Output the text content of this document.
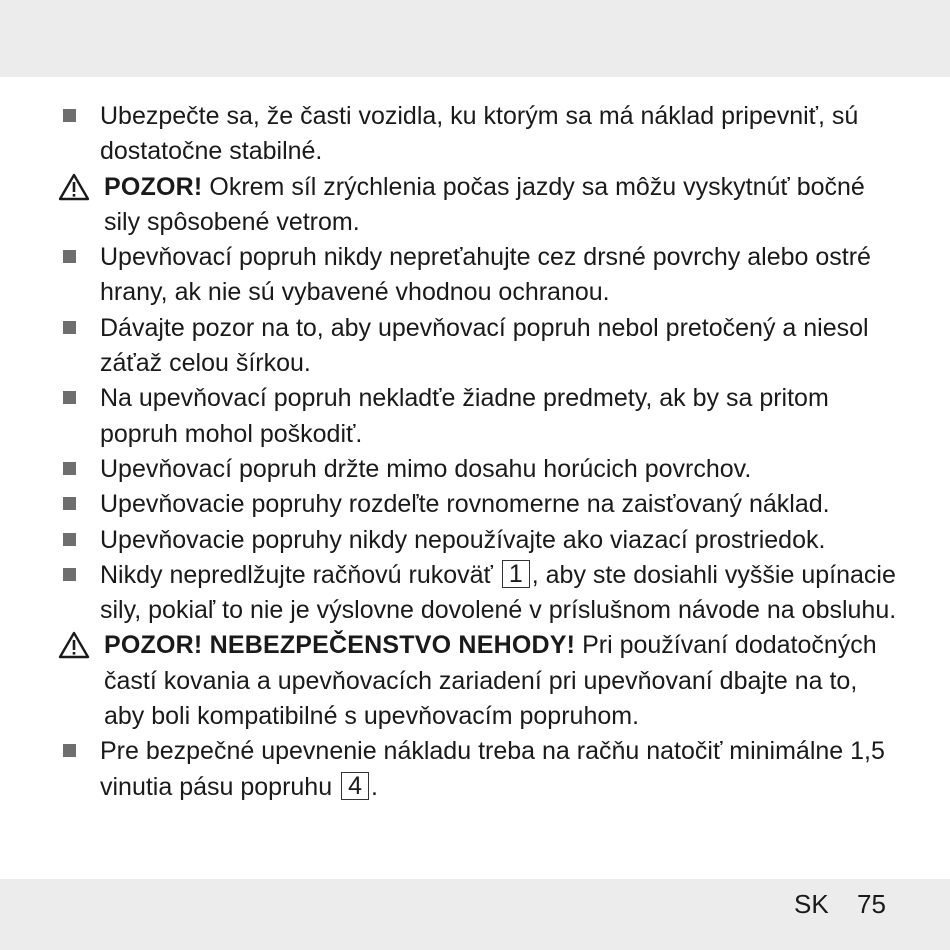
Ubezpečte sa, že časti vozidla, ku ktorým sa má náklad pripevniť, sú dostatočne stabilné.
POZOR! Okrem síl zrýchlenia počas jazdy sa môžu vyskytnúť bočné sily spôsobené vetrom.
Upevňovací popruh nikdy nepreťahujte cez drsné povrchy alebo ostré hrany, ak nie sú vybavené vhodnou ochranou.
Dávajte pozor na to, aby upevňovací popruh nebol pretočený a niesol záťaž celou šírkou.
Na upevňovací popruh nekladťe žiadne predmety, ak by sa pritom popruh mohol poškodiť.
Upevňovací popruh držte mimo dosahu horúcich povrchov.
Upevňovacie popruhy rozdeľte rovnomerne na zaisťovaný náklad.
Upevňovacie popruhy nikdy nepoužívajte ako viazací prostriedok.
Nikdy nepredlžujte račňovú rukoväť 1 , aby ste dosiahli vyššie upínacie sily, pokiaľ to nie je výslovne dovolené v príslušnom návode na obsluhu.
POZOR! NEBEZPEČENSTVO NEHODY! Pri používaní dodatočných častí kovania a upevňovacích zariadení pri upevňovaní dbajte na to, aby boli kompatibilné s upevňovacím popruhom.
Pre bezpečné upevnenie nákladu treba na račňu natočiť minimálne 1,5 vinutia pásu popruhu 4 .
SK 75
